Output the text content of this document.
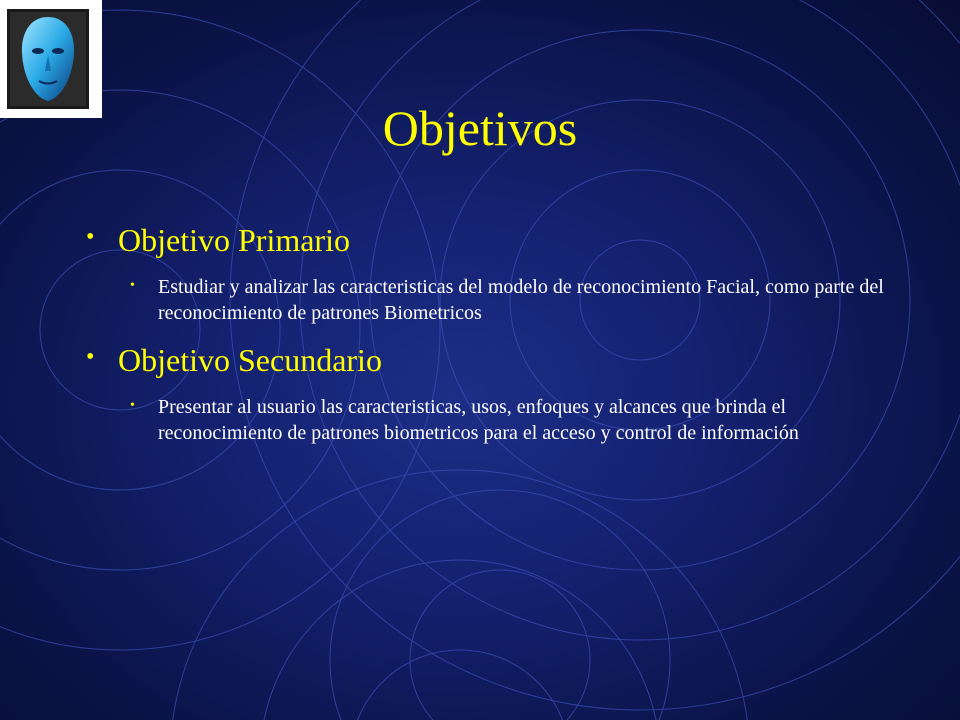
Objetivos
• Objetivo Primario
• Estudiar y analizar las caracteristicas del modelo de reconocimiento Facial, como parte del reconocimiento de patrones Biometricos
• Objetivo Secundario
• Presentar al usuario las caracteristicas, usos, enfoques y alcances que brinda el reconocimiento de patrones biometricos para el acceso y control de información
